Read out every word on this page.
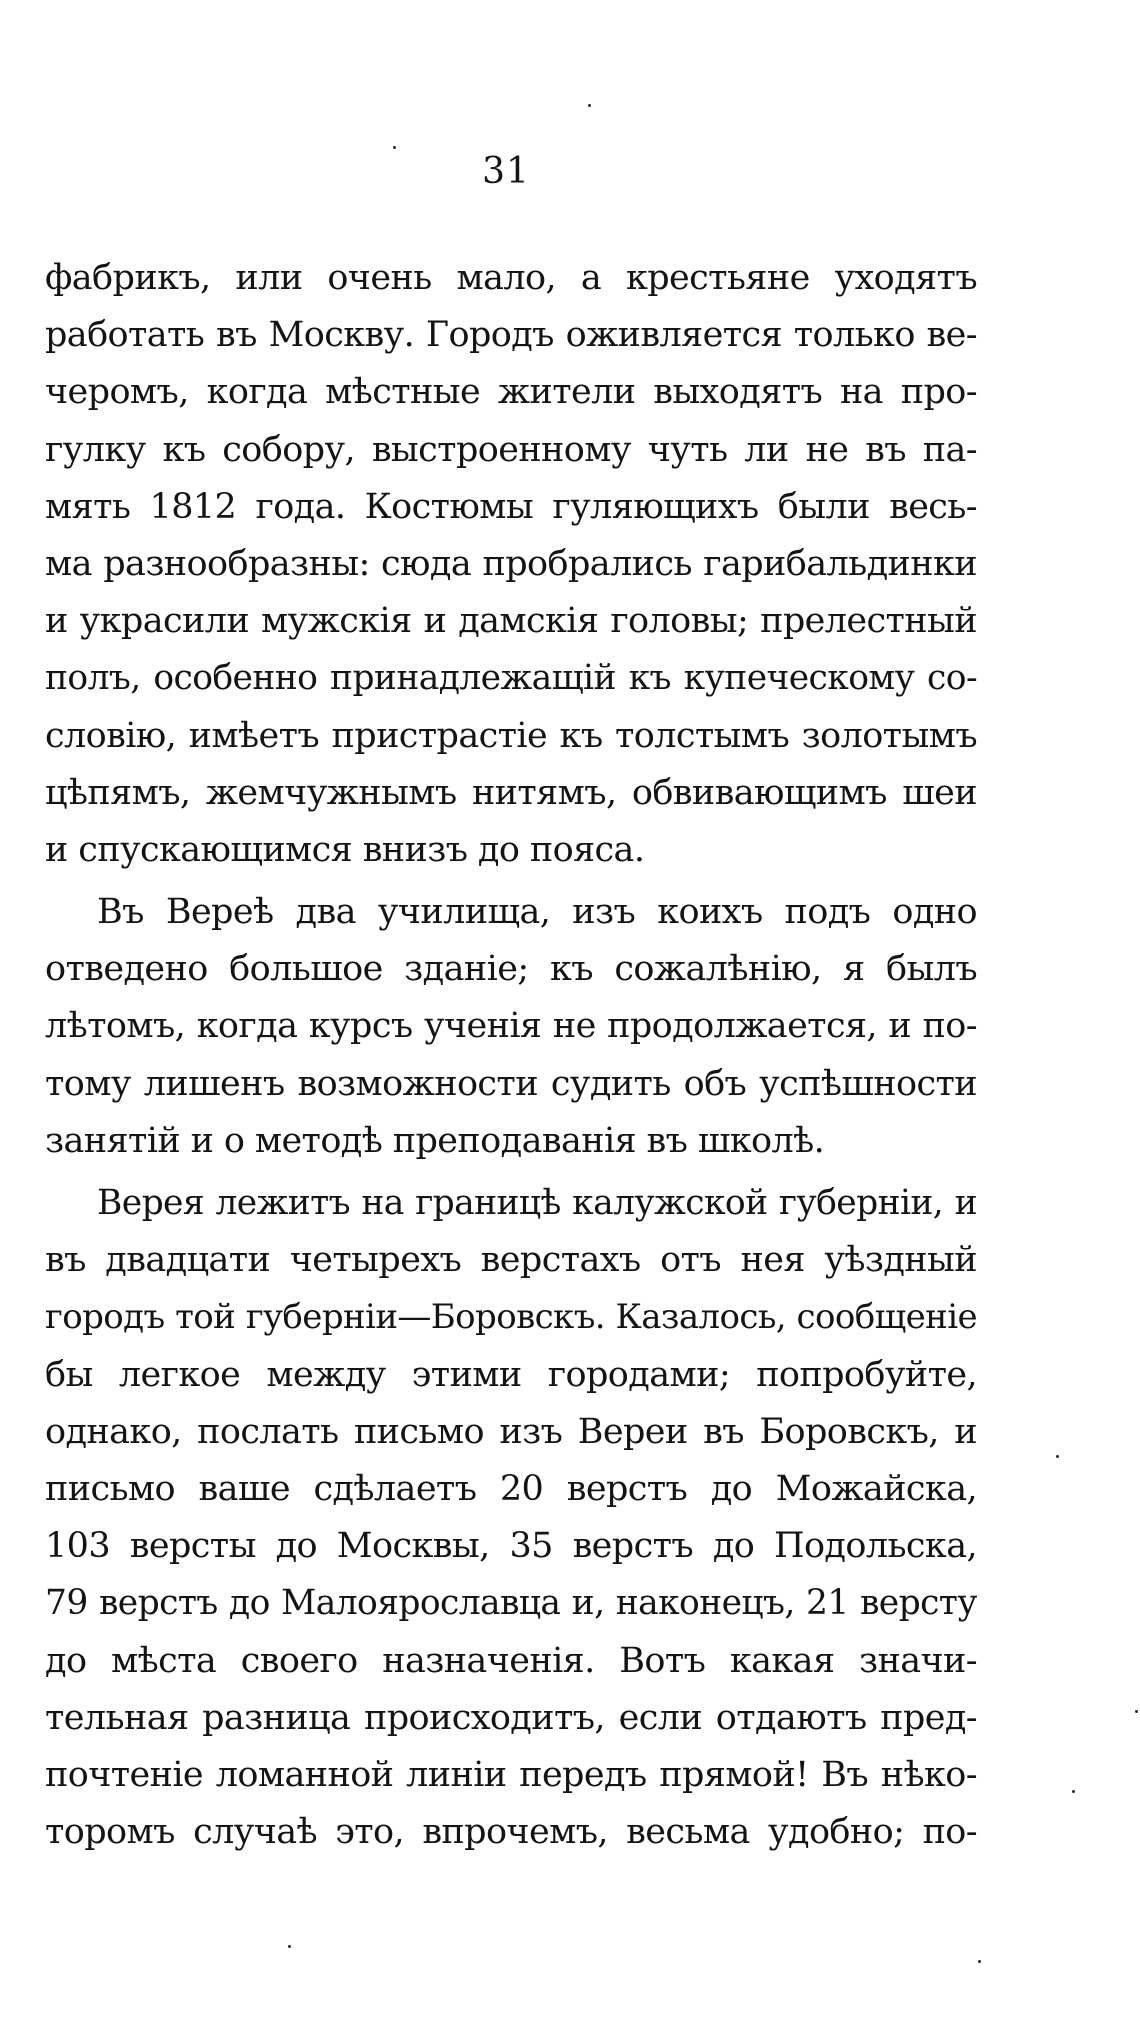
31
фабрикъ, или очень мало, а крестьяне уходятъ
работать въ Москву. Городъ оживляется только ве-
черомъ, когда мѣстные жители выходятъ на про-
гулку къ собору, выстроенному чуть ли не въ па-
мять 1812 года. Костюмы гуляющихъ были весь-
ма разнообразны: сюда пробрались гарибальдинки
и украсили мужскія и дамскія головы; прелестный
полъ, особенно принадлежащій къ купеческому со-
словію, имѣетъ пристрастіе къ толстымъ золотымъ
цѣпямъ, жемчужнымъ нитямъ, обвивающимъ шеи
и спускающимся внизъ до пояса.
Въ Вереѣ два училища, изъ коихъ подъ одно
отведено большое зданіе; къ сожалѣнію, я былъ
лѣтомъ, когда курсъ ученія не продолжается, и по-
тому лишенъ возможности судить объ успѣшности
занятій и о методѣ преподаванія въ школѣ.
Верея лежитъ на границѣ калужской губерніи, и
въ двадцати четырехъ верстахъ отъ нея уѣздный
городъ той губерніи—Боровскъ. Казалось, сообщеніе
бы легкое между этими городами; попробуйте,
однако, послать письмо изъ Вереи въ Боровскъ, и
письмо ваше сдѣлаетъ 20 верстъ до Можайска,
103 версты до Москвы, 35 верстъ до Подольска,
79 верстъ до Малоярославца и, наконецъ, 21 версту
до мѣста своего назначенія. Вотъ какая значи-
тельная разница происходитъ, если отдаютъ пред-
почтеніе ломанной линіи передъ прямой! Въ нѣко-
торомъ случаѣ это, впрочемъ, весьма удобно; по-
